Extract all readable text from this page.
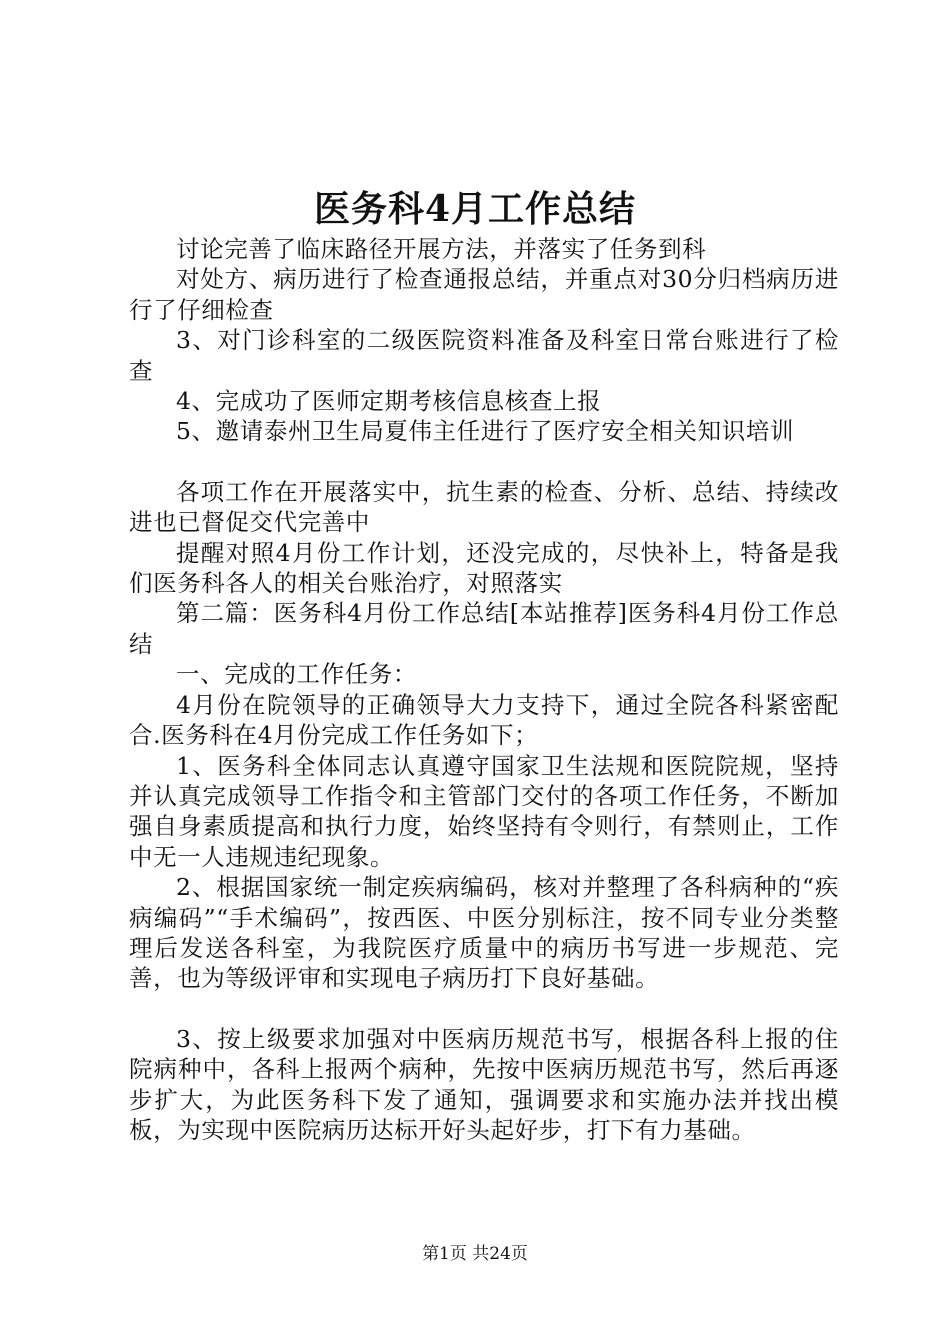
医务科4月工作总结

讨论完善了临床路径开展方法，并落实了任务到科

对处方、病历进行了检查通报总结，并重点对30分归档病历进行了仔细检查

3、对门诊科室的二级医院资料准备及科室日常台账进行了检查

4、完成功了医师定期考核信息核查上报

5、邀请泰州卫生局夏伟主任进行了医疗安全相关知识培训

各项工作在开展落实中，抗生素的检查、分析、总结、持续改进也已督促交代完善中

提醒对照4月份工作计划，还没完成的，尽快补上，特备是我们医务科各人的相关台账治疗，对照落实

第二篇：医务科4月份工作总结[本站推荐]医务科4月份工作总结

一、完成的工作任务：

4月份在院领导的正确领导大力支持下，通过全院各科紧密配合.医务科在4月份完成工作任务如下；

1、医务科全体同志认真遵守国家卫生法规和医院院规，坚持并认真完成领导工作指令和主管部门交付的各项工作任务，不断加强自身素质提高和执行力度，始终坚持有令则行，有禁则止，工作中无一人违规违纪现象。

2、根据国家统一制定疾病编码，核对并整理了各科病种的“疾病编码”“手术编码”，按西医、中医分别标注，按不同专业分类整理后发送各科室，为我院医疗质量中的病历书写进一步规范、完善，也为等级评审和实现电子病历打下良好基础。

3、按上级要求加强对中医病历规范书写，根据各科上报的住院病种中，各科上报两个病种，先按中医病历规范书写，然后再逐步扩大，为此医务科下发了通知，强调要求和实施办法并找出模板，为实现中医院病历达标开好头起好步，打下有力基础。

第1页 共24页
